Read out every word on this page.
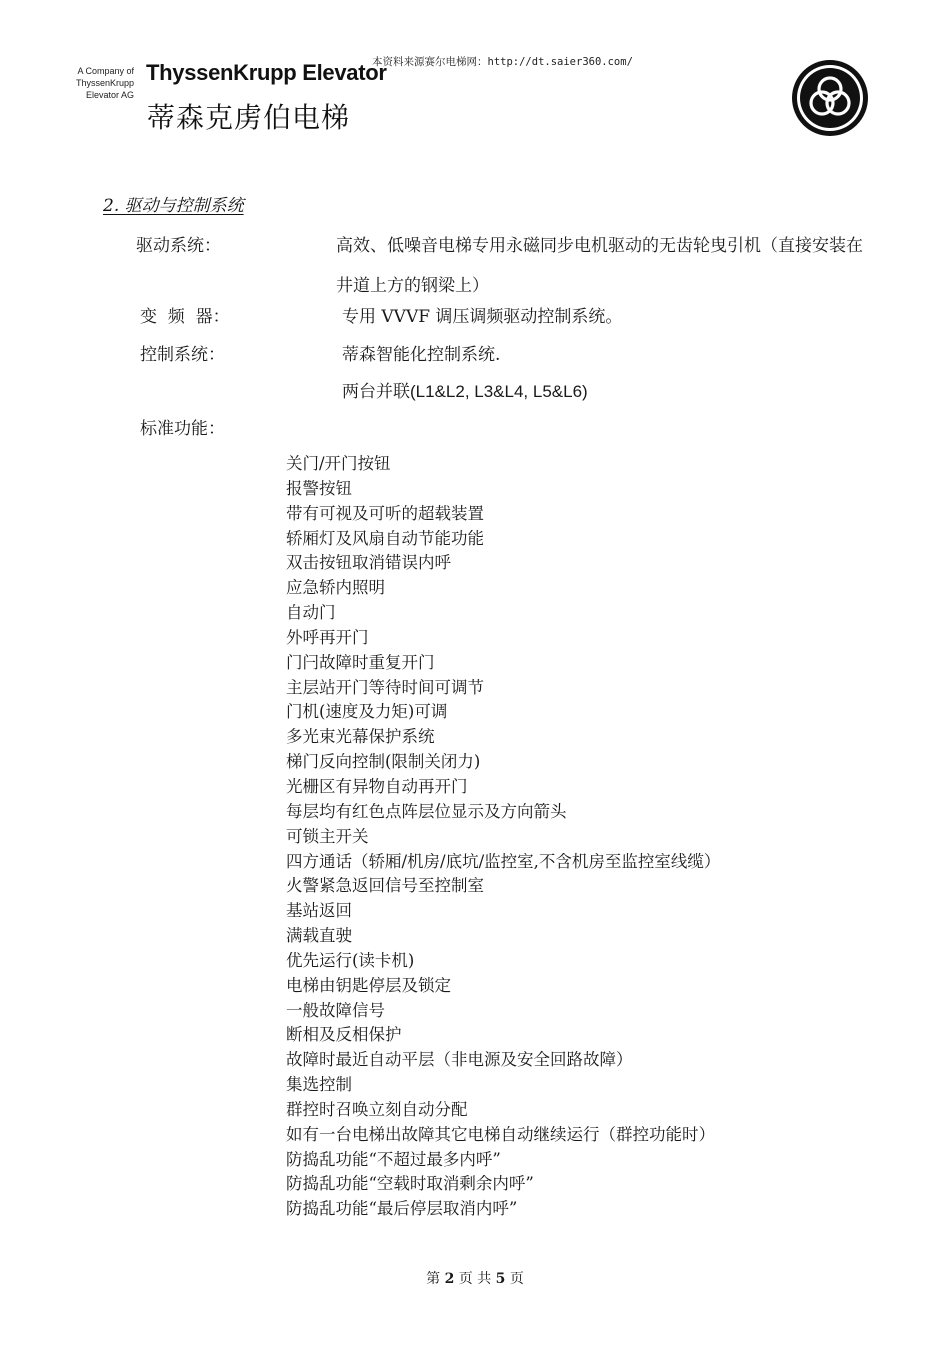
A Company of
ThyssenKrupp
Elevator AG
ThyssenKrupp Elevator
本资料来源赛尔电梯网：http://dt.saier360.com/
蒂森克虏伯电梯
2. 驱动与控制系统
驱动系统：	高效、低噪音电梯专用永磁同步电机驱动的无齿轮曳引机（直接安装在井道上方的钢梁上）
变  频  器：	专用 VVVF 调压调频驱动控制系统。
控制系统：	蒂森智能化控制系统.
两台并联(L1&L2, L3&L4, L5&L6)
标准功能：
关门/开门按钮
报警按钮
带有可视及可听的超载装置
轿厢灯及风扇自动节能功能
双击按钮取消错误内呼
应急轿内照明
自动门
外呼再开门
门闩故障时重复开门
主层站开门等待时间可调节
门机(速度及力矩)可调
多光束光幕保护系统
梯门反向控制(限制关闭力)
光栅区有异物自动再开门
每层均有红色点阵层位显示及方向箭头
可锁主开关
四方通话（轿厢/机房/底坑/监控室,不含机房至监控室线缆）
火警紧急返回信号至控制室
基站返回
满载直驶
优先运行(读卡机)
电梯由钥匙停层及锁定
一般故障信号
断相及反相保护
故障时最近自动平层（非电源及安全回路故障）
集选控制
群控时召唤立刻自动分配
如有一台电梯出故障其它电梯自动继续运行（群控功能时）
防捣乱功能“不超过最多内呼”
防捣乱功能“空载时取消剩余内呼”
防捣乱功能“最后停层取消内呼”
第 2 页 共 5 页
